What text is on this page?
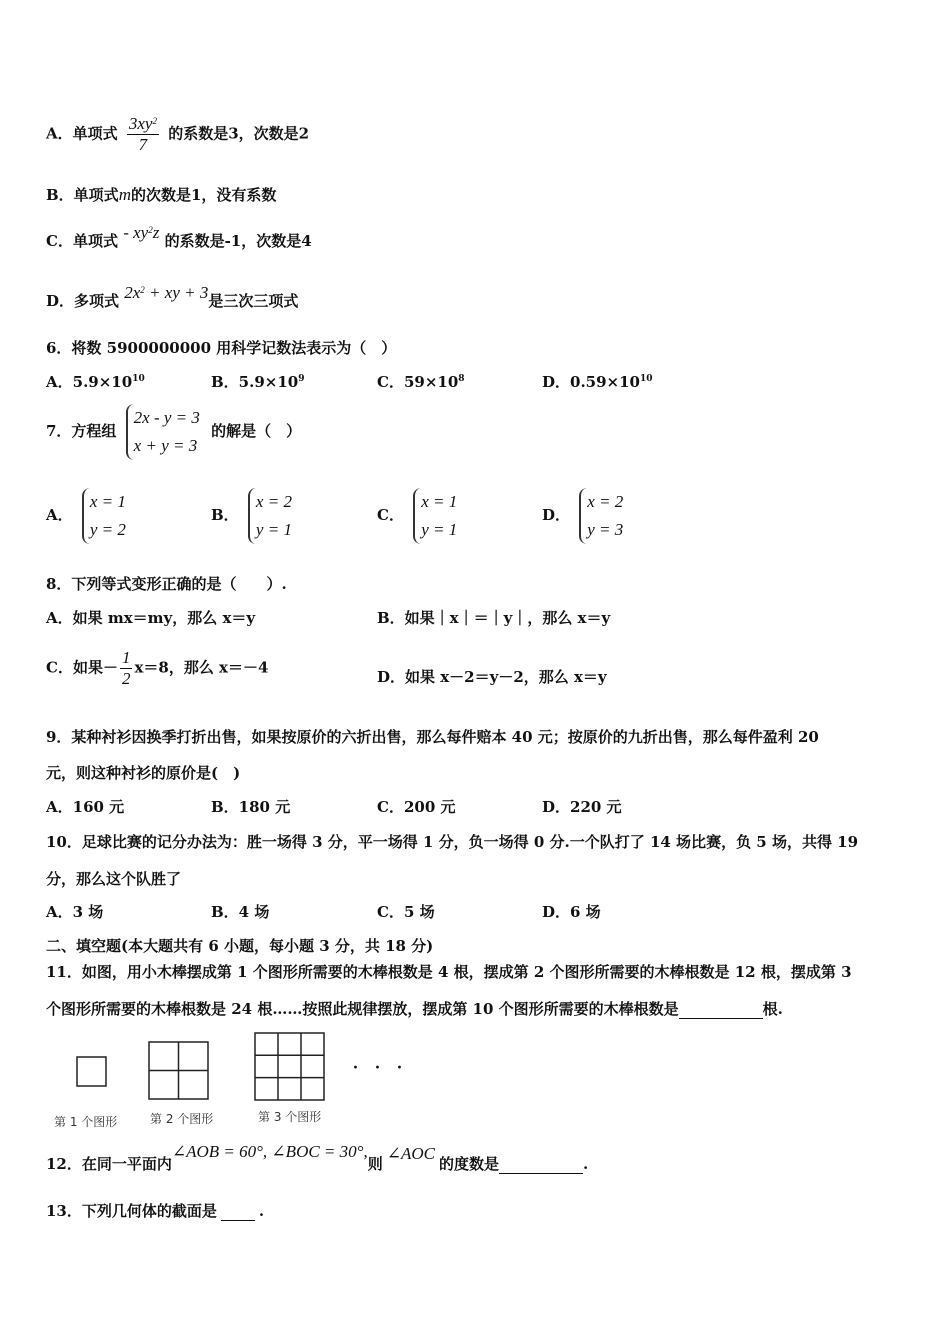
A．单项式 $\frac{3xy^2}{7}$ 的系数是3，次数是2
B．单项式m的次数是1，没有系数
C．单项式 - $xy^2z$ 的系数是-1，次数是4
D．多项式 $2x^2$ + xy + 3是三次三项式
6．将数 5900000000 用科学记数法表示为（　）
A．$5.9\times 10^{10}$	B．$5.9\times 10^9$	C．$59\times 10^8$	D．$0.59\times 10^{10}$
7．方程组
2x - y = 3
x + y = 3
的解是（　）
A．
x = 1
y = 2
B．
x = 2
y = 1
C．
x = 1
y = 1
D．
x = 2
y = 3
8．下列等式变形正确的是（　　）.
A．如果 mx＝my，那么 x＝y	B．如果｜x｜＝｜y｜，那么 x＝y
C．如果－ $\frac{1}{2} x=8$，那么 x＝－4
D．如果 x－2＝y－2，那么 x＝y
9．某种衬衫因换季打折出售，如果按原价的六折出售，那么每件赔本 40 元；按原价的九折出售，那么每件盈利 20
元，则这种衬衫的原价是(　)
A．160 元	B．180 元	C．200 元	D．220 元
10．足球比赛的记分办法为：胜一场得 3 分，平一场得 1 分，负一场得 0 分.一个队打了 14 场比赛，负 5 场，共得 19
分，那么这个队胜了
A．3 场	B．4 场	C．5 场	D．6 场
二、填空题(本大题共有 6 小题，每小题 3 分，共 18 分)
11．如图，用小木棒摆成第 1 个图形所需要的木棒根数是 4 根，摆成第 2 个图形所需要的木棒根数是 12 根，摆成第 3
个图形所需要的木棒根数是 24 根……按照此规律摆放，摆成第 10 个图形所需要的木棒根数是	根.
第 1 个图形	第 2 个图形	第 3 个图形
· · ·
12．在同一平面内∠AOB = 60°, ∠BOC = 30°,则∠AOC的度数是	.
13．下列几何体的截面是	.
